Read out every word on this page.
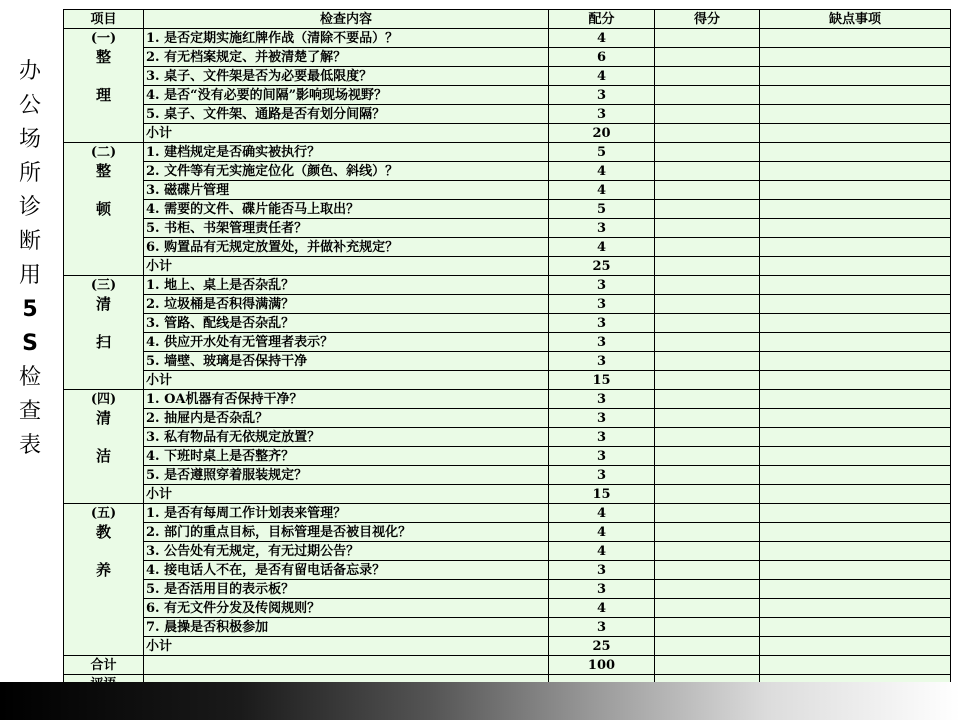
办
公
场
所
诊
断
用
5
S
检
查
表
项目	检查内容	配分	得分	缺点事项

(一)
整
理	1. 是否定期实施红牌作战（清除不要品）？	4		
	2. 有无档案规定、并被清楚了解？	6		
	3. 桌子、文件架是否为必要最低限度？	4		
	4. 是否“没有必要的间隔”影响现场视野？	3		
	5. 桌子、文件架、通路是否有划分间隔？	3		
	小计	20		

(二)
整
顿	1. 建档规定是否确实被执行？	5		
	2. 文件等有无实施定位化（颜色、斜线）？	4		
	3. 磁碟片管理	4		
	4. 需要的文件、碟片能否马上取出？	5		
	5. 书柜、书架管理责任者？	3		
	6. 购置品有无规定放置处，并做补充规定？	4		
	小计	25		

(三)
清
扫	1. 地上、桌上是否杂乱？	3		
	2. 垃圾桶是否积得满满？	3		
	3. 管路、配线是否杂乱？	3		
	4. 供应开水处有无管理者表示？	3		
	5. 墙壁、玻璃是否保持干净	3		
	小计	15		

(四)
清
洁	1. OA机器有否保持干净？	3		
	2. 抽屉内是否杂乱？	3		
	3. 私有物品有无依规定放置？	3		
	4. 下班时桌上是否整齐？	3		
	5. 是否遵照穿着服装规定？	3		
	小计	15		

(五)
教
养	1. 是否有每周工作计划表来管理？	4		
	2. 部门的重点目标，目标管理是否被目视化？	4		
	3. 公告处有无规定，有无过期公告？	4		
	4. 接电话人不在，是否有留电话备忘录？	3		
	5. 是否活用目的表示板？	3		
	6. 有无文件分发及传阅规则？	4		
	7. 晨操是否积极参加	3		
	小计	25		
合计		100		
